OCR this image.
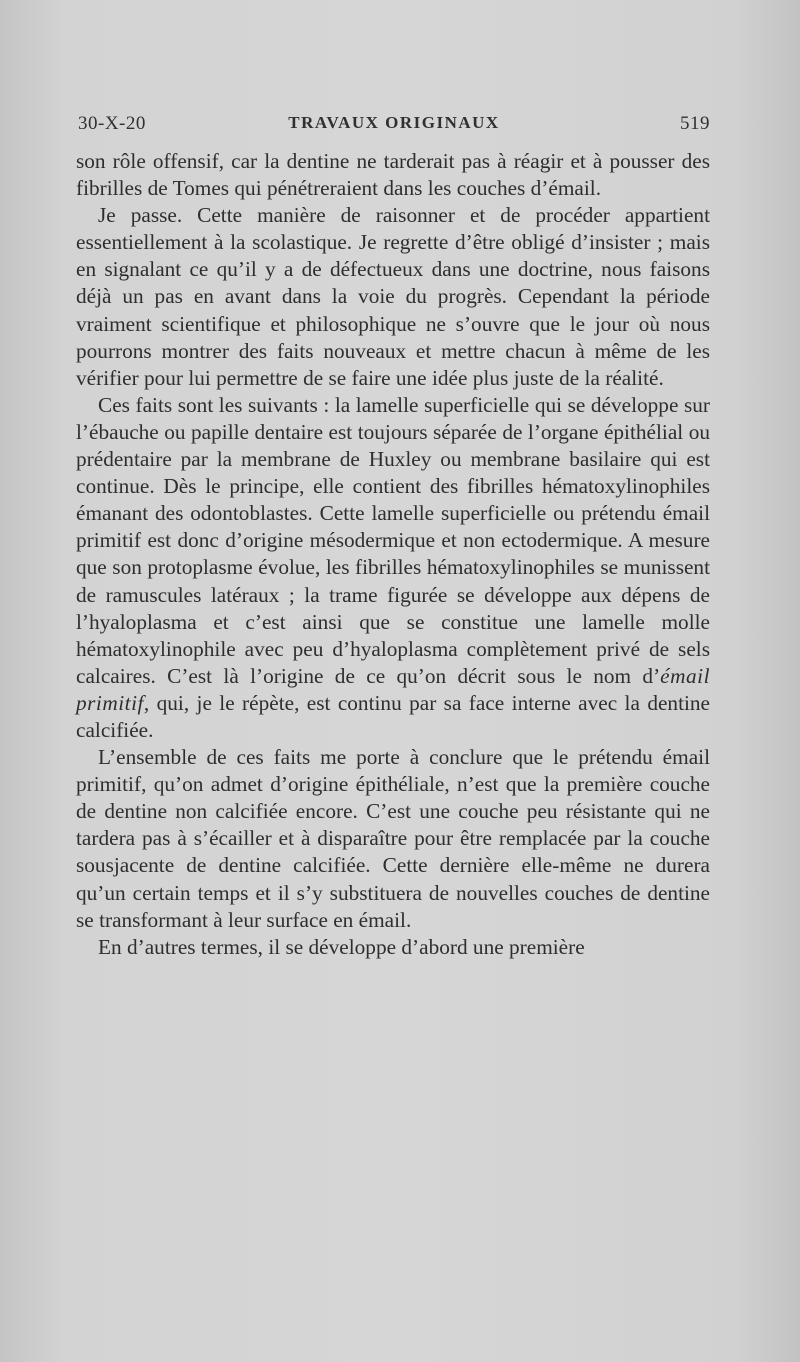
30-X-20	TRAVAUX ORIGINAUX	519

son rôle offensif, car la dentine ne tarderait pas à réagir et à pousser des fibrilles de Tomes qui pénétreraient dans les couches d’émail.

Je passe. Cette manière de raisonner et de procéder appartient essentiellement à la scolastique. Je regrette d’être obligé d’insister ; mais en signalant ce qu’il y a de défectueux dans une doctrine, nous faisons déjà un pas en avant dans la voie du progrès. Cependant la période vraiment scientifique et philosophique ne s’ouvre que le jour où nous pourrons montrer des faits nouveaux et mettre chacun à même de les vérifier pour lui permettre de se faire une idée plus juste de la réalité.

Ces faits sont les suivants : la lamelle superficielle qui se développe sur l’ébauche ou papille dentaire est toujours séparée de l’organe épithélial ou prédentaire par la membrane de Huxley ou membrane basilaire qui est continue. Dès le principe, elle contient des fibrilles hématoxylinophiles émanant des odontoblastes. Cette lamelle superficielle ou prétendu émail primitif est donc d’origine mésodermique et non ectodermique. A mesure que son protoplasme évolue, les fibrilles hématoxylinophiles se munissent de ramuscules latéraux ; la trame figurée se développe aux dépens de l’hyaloplasma et c’est ainsi que se constitue une lamelle molle hématoxylinophile avec peu d’hyaloplasma complètement privé de sels calcaires. C’est là l’origine de ce qu’on décrit sous le nom d’émail primitif, qui, je le répète, est continu par sa face interne avec la dentine calcifiée.

L’ensemble de ces faits me porte à conclure que le prétendu émail primitif, qu’on admet d’origine épithéliale, n’est que la première couche de dentine non calcifiée encore. C’est une couche peu résistante qui ne tardera pas à s’écailler et à disparaître pour être remplacée par la couche sousjacente de dentine calcifiée. Cette dernière elle-même ne durera qu’un certain temps et il s’y substituera de nouvelles couches de dentine se transformant à leur surface en émail.

En d’autres termes, il se développe d’abord une première
